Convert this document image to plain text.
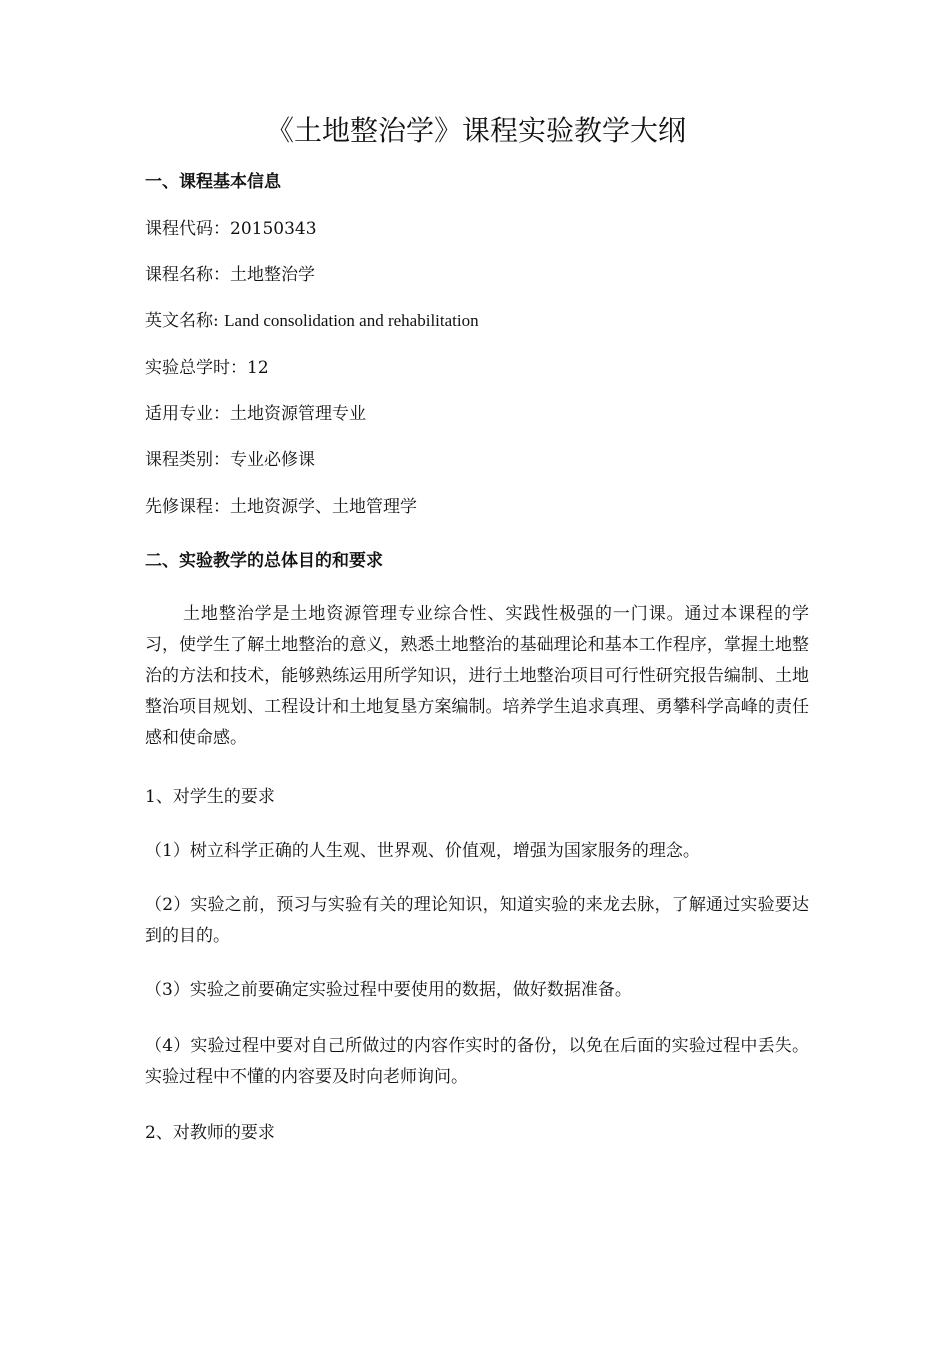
《土地整治学》课程实验教学大纲
一、课程基本信息
课程代码：20150343
课程名称：土地整治学
英文名称: Land consolidation and rehabilitation
实验总学时：12
适用专业：土地资源管理专业
课程类别：专业必修课
先修课程：土地资源学、土地管理学
二、实验教学的总体目的和要求

土地整治学是土地资源管理专业综合性、实践性极强的一门课。通过本课程的学习，使学生了解土地整治的意义，熟悉土地整治的基础理论和基本工作程序，掌握土地整治的方法和技术，能够熟练运用所学知识，进行土地整治项目可行性研究报告编制、土地整治项目规划、工程设计和土地复垦方案编制。培养学生追求真理、勇攀科学高峰的责任感和使命感。

1、对学生的要求

（1）树立科学正确的人生观、世界观、价值观，增强为国家服务的理念。

（2）实验之前，预习与实验有关的理论知识，知道实验的来龙去脉，了解通过实验要达到的目的。

（3）实验之前要确定实验过程中要使用的数据，做好数据准备。

（4）实验过程中要对自己所做过的内容作实时的备份，以免在后面的实验过程中丢失。实验过程中不懂的内容要及时向老师询问。

2、对教师的要求
